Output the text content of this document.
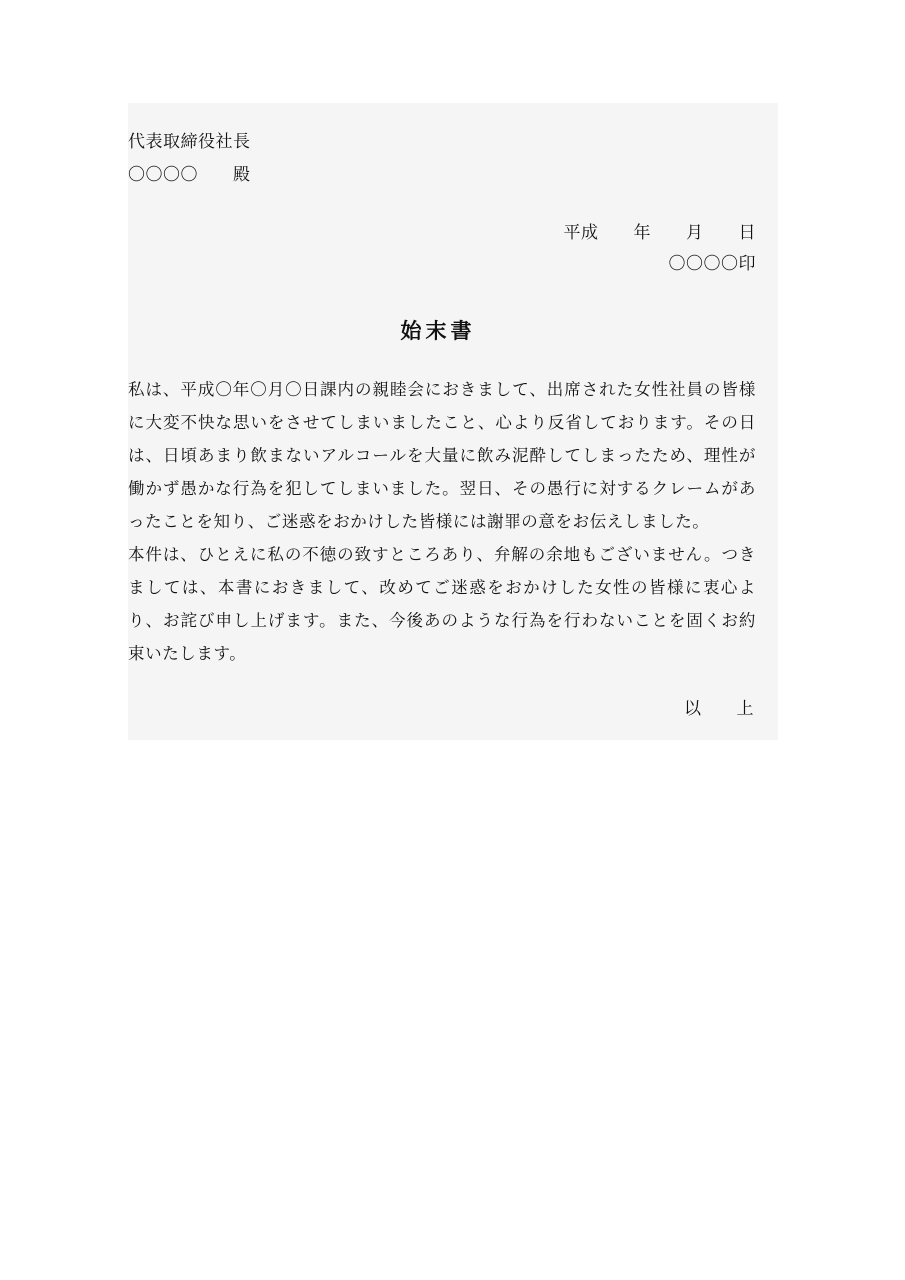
代表取締役社長
〇〇〇〇　　殿
平成　　年　　月　　日
〇〇〇〇印
始末書

私は、平成〇年〇月〇日課内の親睦会におきまして、出席された女性社員の皆様に大変不快な思いをさせてしまいましたこと、心より反省しております。その日は、日頃あまり飲まないアルコールを大量に飲み泥酔してしまったため、理性が働かず愚かな行為を犯してしまいました。翌日、その愚行に対するクレームがあったことを知り、ご迷惑をおかけした皆様には謝罪の意をお伝えしました。

本件は、ひとえに私の不徳の致すところあり、弁解の余地もございません。つきましては、本書におきまして、改めてご迷惑をおかけした女性の皆様に衷心より、お詫び申し上げます。また、今後あのような行為を行わないことを固くお約束いたします。

以　　上
